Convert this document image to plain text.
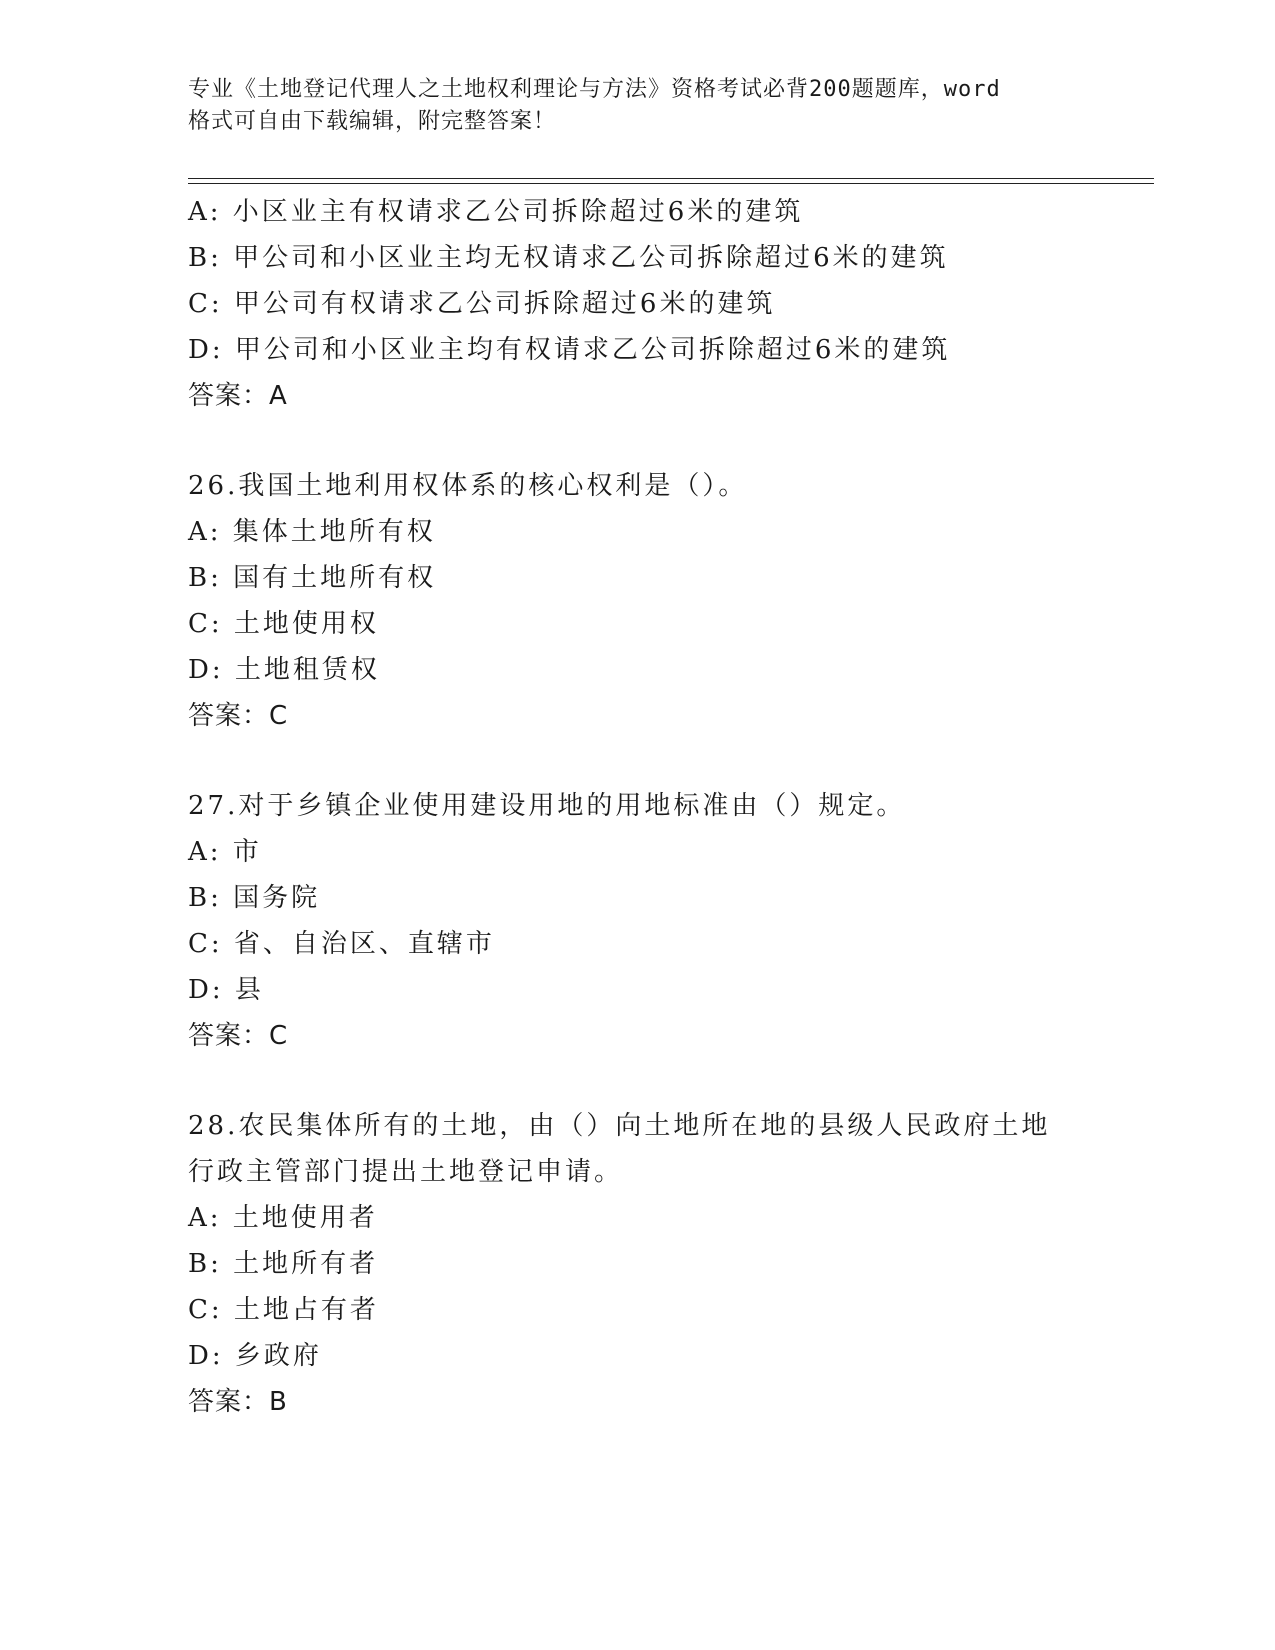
专业《土地登记代理人之土地权利理论与方法》资格考试必背200题题库，word
格式可自由下载编辑，附完整答案！
A: 小区业主有权请求乙公司拆除超过6米的建筑
B: 甲公司和小区业主均无权请求乙公司拆除超过6米的建筑
C: 甲公司有权请求乙公司拆除超过6米的建筑
D: 甲公司和小区业主均有权请求乙公司拆除超过6米的建筑
答案：A
26.我国土地利用权体系的核心权利是（）。
A: 集体土地所有权
B: 国有土地所有权
C: 土地使用权
D: 土地租赁权
答案：C
27.对于乡镇企业使用建设用地的用地标准由（）规定。
A: 市
B: 国务院
C: 省、自治区、直辖市
D: 县
答案：C
28.农民集体所有的土地，由（）向土地所在地的县级人民政府土地行政主管部门提出土地登记申请。
A: 土地使用者
B: 土地所有者
C: 土地占有者
D: 乡政府
答案：B
